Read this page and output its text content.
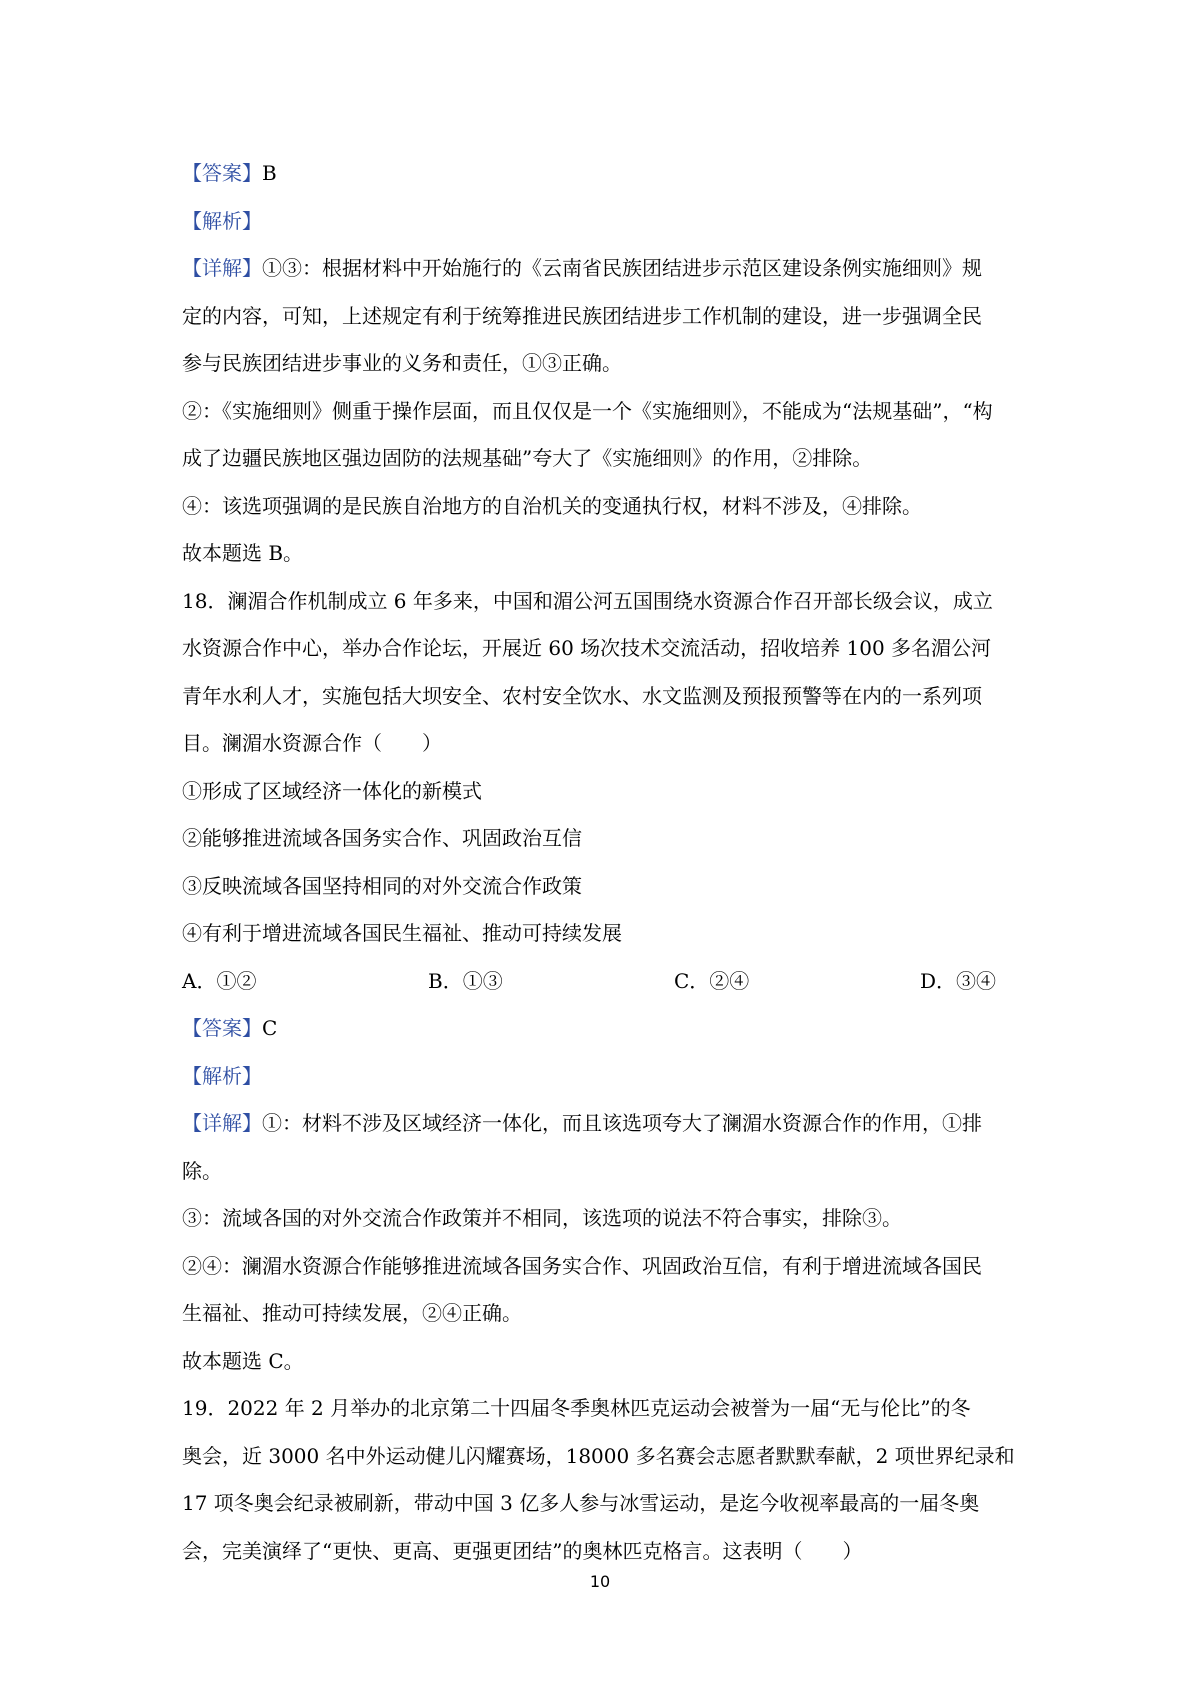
【答案】B
【解析】
【详解】①③：根据材料中开始施行的《云南省民族团结进步示范区建设条例实施细则》规
定的内容，可知，上述规定有利于统筹推进民族团结进步工作机制的建设，进一步强调全民
参与民族团结进步事业的义务和责任，①③正确。
②：《实施细则》侧重于操作层面，而且仅仅是一个《实施细则》，不能成为“法规基础”，“构
成了边疆民族地区强边固防的法规基础”夸大了《实施细则》的作用，②排除。
④：该选项强调的是民族自治地方的自治机关的变通执行权，材料不涉及，④排除。
故本题选 B。
18．澜湄合作机制成立 6 年多来，中国和湄公河五国围绕水资源合作召开部长级会议，成立
水资源合作中心，举办合作论坛，开展近 60 场次技术交流活动，招收培养 100 多名湄公河
青年水利人才，实施包括大坝安全、农村安全饮水、水文监测及预报预警等在内的一系列项
目。澜湄水资源合作（　　）
①形成了区域经济一体化的新模式
②能够推进流域各国务实合作、巩固政治互信
③反映流域各国坚持相同的对外交流合作政策
④有利于增进流域各国民生福祉、推动可持续发展
A．①②	B．①③	C．②④	D．③④
【答案】C
【解析】
【详解】①：材料不涉及区域经济一体化，而且该选项夸大了澜湄水资源合作的作用，①排
除。
③：流域各国的对外交流合作政策并不相同，该选项的说法不符合事实，排除③。
②④：澜湄水资源合作能够推进流域各国务实合作、巩固政治互信，有利于增进流域各国民
生福祉、推动可持续发展，②④正确。
故本题选 C。
19．2022 年 2 月举办的北京第二十四届冬季奥林匹克运动会被誉为一届“无与伦比”的冬
奥会，近 3000 名中外运动健儿闪耀赛场，18000 多名赛会志愿者默默奉献，2 项世界纪录和
17 项冬奥会纪录被刷新，带动中国 3 亿多人参与冰雪运动，是迄今收视率最高的一届冬奥
会，完美演绎了“更快、更高、更强更团结”的奥林匹克格言。这表明（　　）
10
